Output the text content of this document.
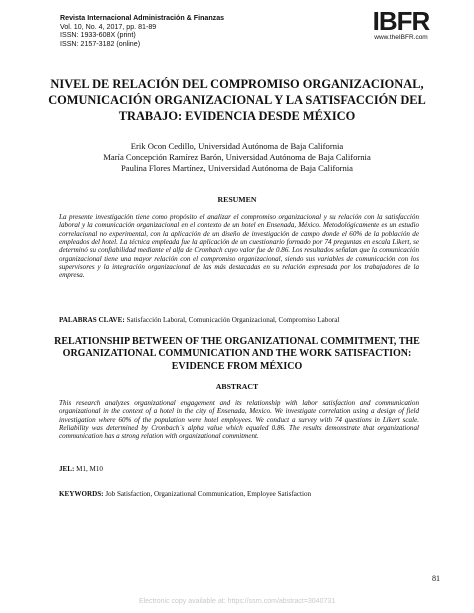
Revista Internacional Administración & Finanzas
Vol. 10, No. 4, 2017, pp. 81-89
ISSN: 1933-608X (print)
ISSN: 2157-3182 (online)
IBFR
www.theIBFR.com
NIVEL DE RELACIÓN DEL COMPROMISO ORGANIZACIONAL, COMUNICACIÓN ORGANIZACIONAL Y LA SATISFACCIÓN DEL TRABAJO: EVIDENCIA DESDE MÉXICO
Erik Ocon Cedillo, Universidad Autónoma de Baja California
María Concepción Ramírez Barón, Universidad Autónoma de Baja California
Paulina Flores Martínez, Universidad Autónoma de Baja California
RESUMEN

La presente investigación tiene como propósito el analizar el compromiso organizacional y su relación con la satisfacción laboral y la comunicación organizacional en el contexto de un hotel en Ensenada, México. Metodológicamente es un estudio correlacional no experimental, con la aplicación de un diseño de investigación de campo donde el 60% de la población de empleados del hotel. La técnica empleada fue la aplicación de un cuestionario formado por 74 preguntas en escala Likert, se determinó su confiabilidad mediante el alfa de Cronbach cuyo valor fue de 0.86. Los resultados señalan que la comunicación organizacional tiene una mayor relación con el compromiso organizacional, siendo sus variables de comunicación con los supervisores y la integración organizacional de las más destacadas en su relación expresada por los trabajadores de la empresa.

PALABRAS CLAVE: Satisfacción Laboral, Comunicación Organizacional, Compromiso Laboral

RELATIONSHIP BETWEEN OF THE ORGANIZATIONAL COMMITMENT, THE ORGANIZATIONAL COMMUNICATION AND THE WORK SATISFACTION: EVIDENCE FROM MÉXICO
ABSTRACT

This research analyzes organizational engagement and its relationship with labor satisfaction and communication organizational in the context of a hotel in the city of Ensenada, Mexico. We investigate correlation using a design of field investigation where 60% of the population were hotel employees. We conduct a survey with 74 questions in Likert scale. Reliability was determined by Cronbach´s alpha value which equaled 0.86. The results demonstrate that organizational communication has a strong relation with organizational commitment.

JEL: M1, M10

KEYWORDS: Job Satisfaction, Organizational Communication, Employee Satisfaction

81
Electronic copy available at: https://ssrn.com/abstract=3040731
